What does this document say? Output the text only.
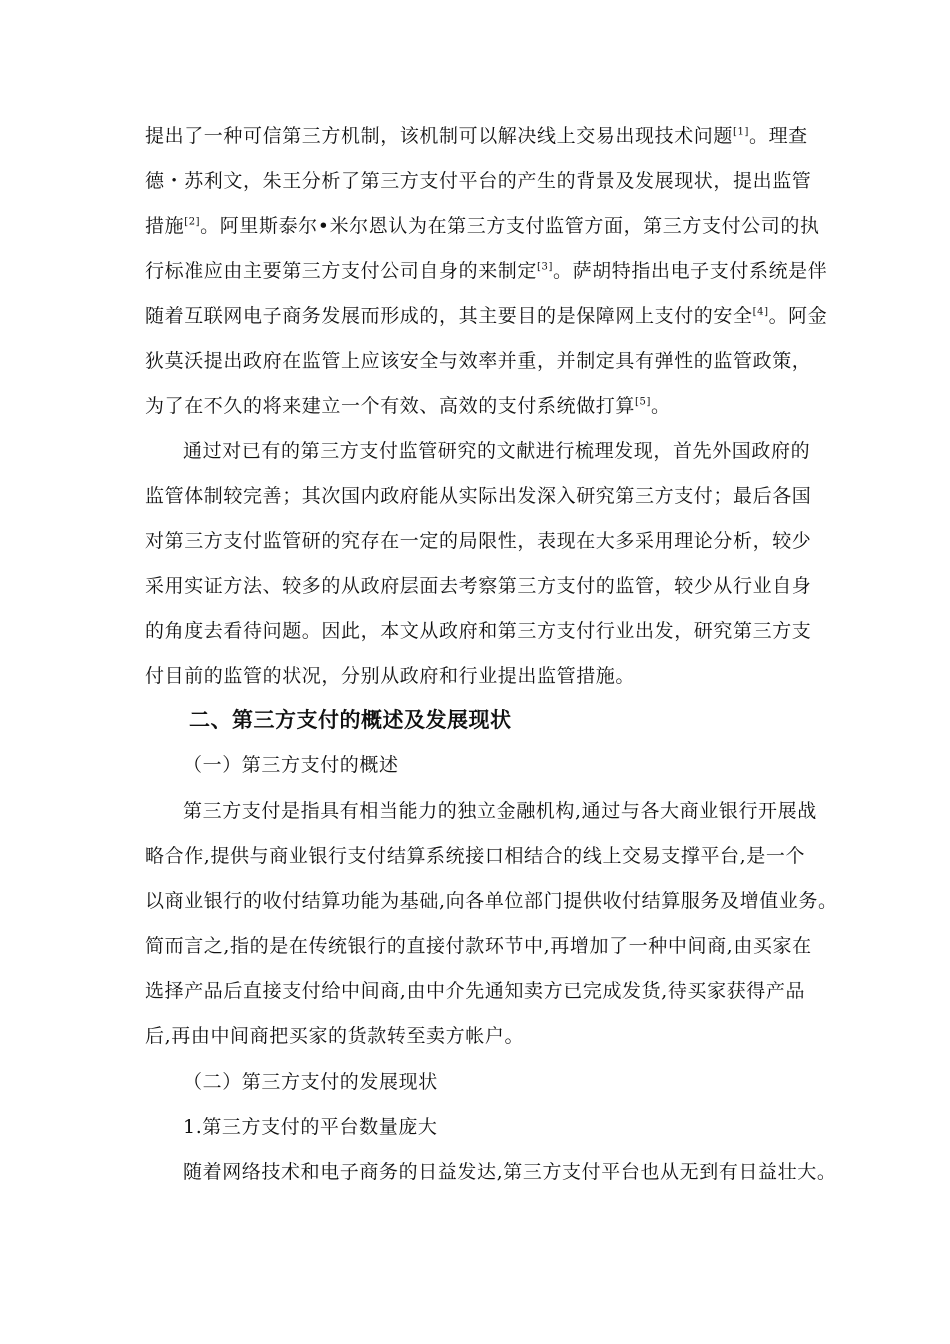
提出了一种可信第三方机制，该机制可以解决线上交易出现技术问题[1]。理查
德・苏利文，朱王分析了第三方支付平台的产生的背景及发展现状，提出监管
措施[2]。阿里斯泰尔•米尔恩认为在第三方支付监管方面，第三方支付公司的执
行标准应由主要第三方支付公司自身的来制定[3]。萨胡特指出电子支付系统是伴
随着互联网电子商务发展而形成的，其主要目的是保障网上支付的安全[4]。阿金
狄莫沃提出政府在监管上应该安全与效率并重，并制定具有弹性的监管政策，
为了在不久的将来建立一个有效、高效的支付系统做打算[5]。
通过对已有的第三方支付监管研究的文献进行梳理发现，首先外国政府的
监管体制较完善；其次国内政府能从实际出发深入研究第三方支付；最后各国
对第三方支付监管研的究存在一定的局限性，表现在大多采用理论分析，较少
采用实证方法、较多的从政府层面去考察第三方支付的监管，较少从行业自身
的角度去看待问题。因此，本文从政府和第三方支付行业出发，研究第三方支
付目前的监管的状况，分别从政府和行业提出监管措施。
二、第三方支付的概述及发展现状
（一）第三方支付的概述
第三方支付是指具有相当能力的独立金融机构,通过与各大商业银行开展战
略合作,提供与商业银行支付结算系统接口相结合的线上交易支撑平台,是一个
以商业银行的收付结算功能为基础,向各单位部门提供收付结算服务及增值业务。
简而言之,指的是在传统银行的直接付款环节中,再增加了一种中间商,由买家在
选择产品后直接支付给中间商,由中介先通知卖方已完成发货,待买家获得产品
后,再由中间商把买家的货款转至卖方帐户。
（二）第三方支付的发展现状
1.第三方支付的平台数量庞大
随着网络技术和电子商务的日益发达,第三方支付平台也从无到有日益壮大。
